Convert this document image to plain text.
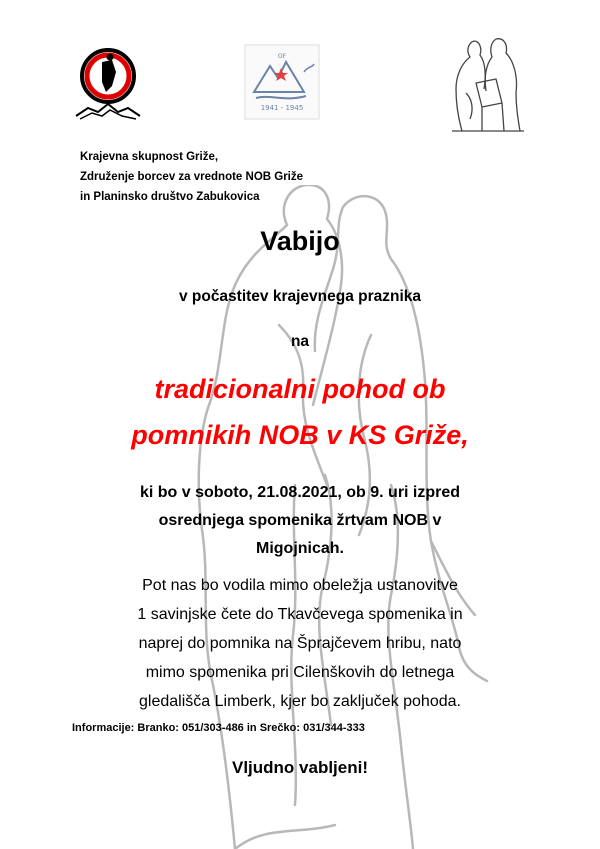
OF
1941 - 1945
Krajevna skupnost Griže,
Združenje borcev za vrednote NOB Griže
in Planinsko društvo Zabukovica
Vabijo
v počastitev krajevnega praznika
na
tradicionalni pohod ob
pomnikih NOB v KS Griže,
ki bo v soboto, 21.08.2021, ob 9. uri izpred
osrednjega spomenika žrtvam NOB v
Migojnicah.
Pot nas bo vodila mimo obeležja ustanovitve
1 savinjske čete do Tkavčevega spomenika in
naprej do pomnika na Šprajčevem hribu, nato
mimo spomenika pri Cilenškovih do letnega
gledališča Limberk, kjer bo zaključek pohoda.
Informacije: Branko: 051/303-486 in Srečko: 031/344-333
Vljudno vabljeni!
